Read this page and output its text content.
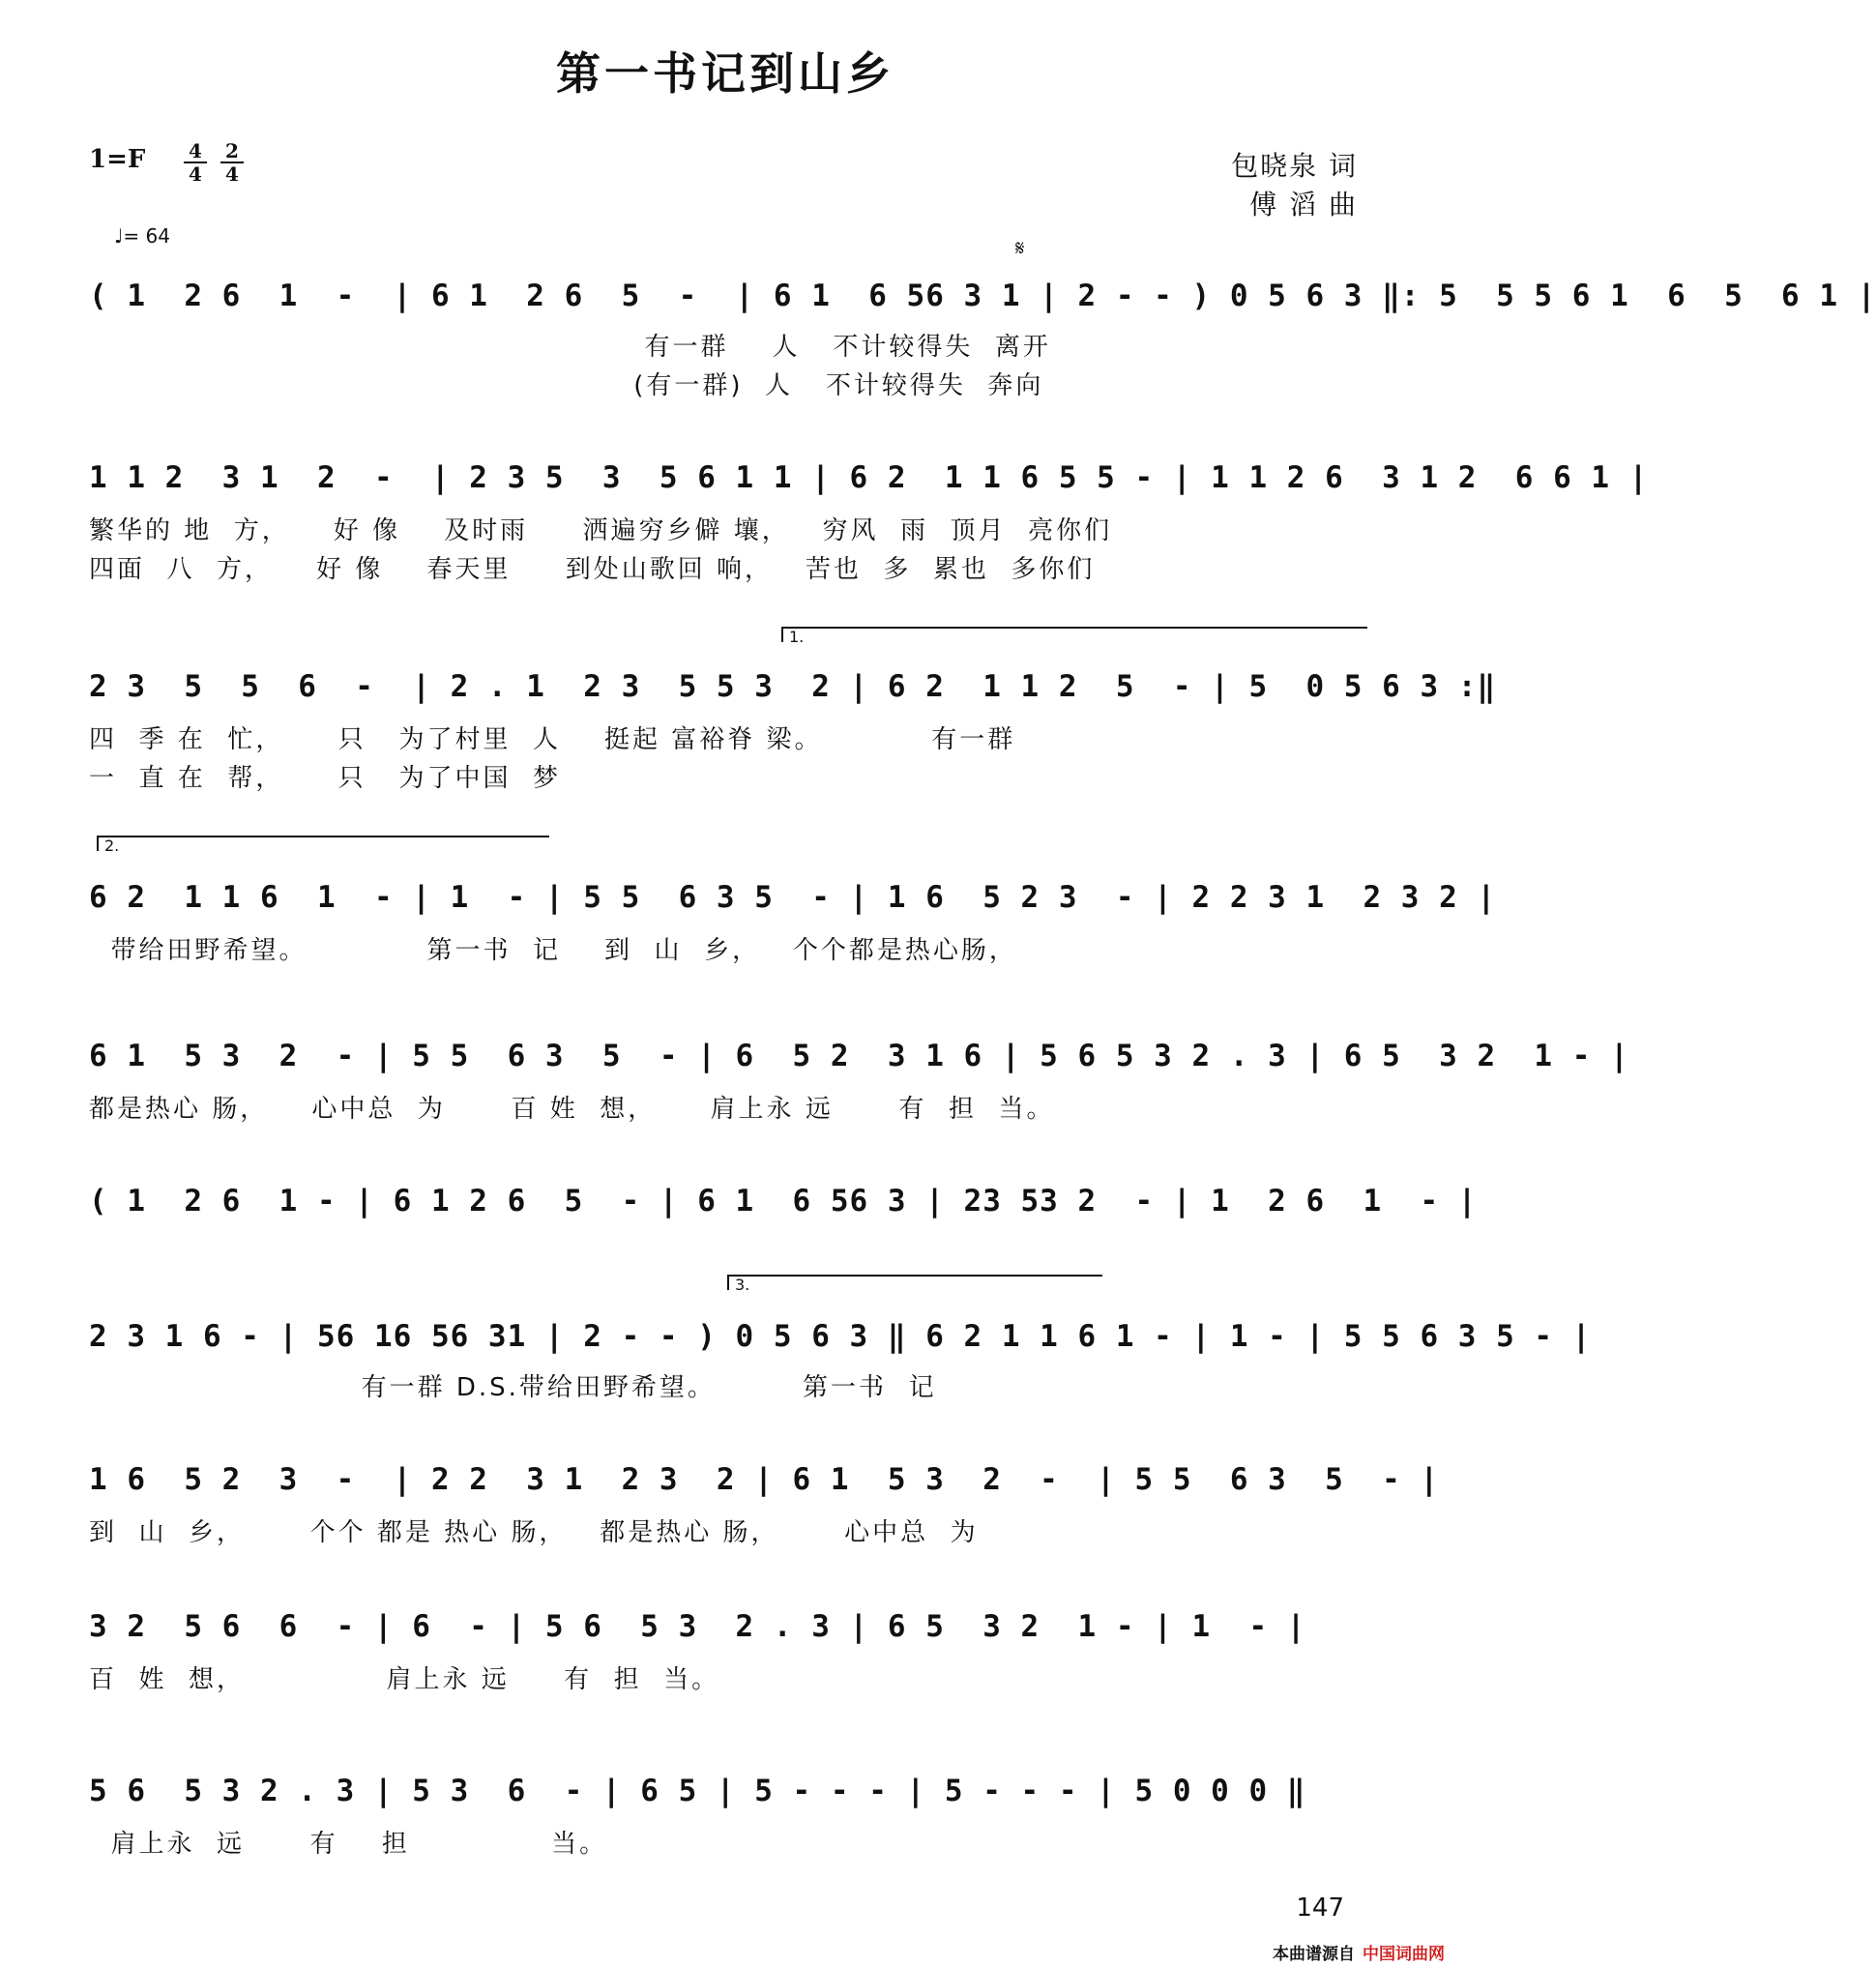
第一书记到山乡
1=F 4
4
2
4
♩= 64
包晓泉 词
傅 滔 曲
𝄋
( 1  2 6  1  -  | 6 1  2 6  5  -  | 6 1  6 56 3 1 | 2 - - ) 0 5 6 3 ‖: 5  5 5 6 1  6  5  6 1 |
有一群    人   不计较得失  离开
(有一群)  人   不计较得失  奔向
1 1 2  3 1  2  -  | 2 3 5  3  5 6 1 1 | 6 2  1 1 6 5 5 - | 1 1 2 6  3 1 2  6 6 1 |
繁华的 地  方，    好 像    及时雨     洒遍穷乡僻 壤，   穷风  雨  顶月  亮你们
四面  八  方，    好 像    春天里     到处山歌回 响，   苦也  多  累也  多你们
1.
2 3  5  5  6  -  | 2 . 1  2 3  5 5 3  2 | 6 2  1 1 2  5  - | 5  0 5 6 3 :‖
四  季 在  忙，     只   为了村里  人    挺起 富裕脊 梁。          有一群
一  直 在  帮，     只   为了中国  梦
2.
6 2  1 1 6  1  - | 1  - | 5 5  6 3 5  - | 1 6  5 2 3  - | 2 2 3 1  2 3 2 |
带给田野希望。           第一书  记    到  山  乡，   个个都是热心肠，
6 1  5 3  2  - | 5 5  6 3  5  - | 6  5 2  3 1 6 | 5 6 5 3 2 . 3 | 6 5  3 2  1 - |
都是热心 肠，    心中总  为      百 姓  想，     肩上永 远      有  担  当。
( 1  2 6  1 - | 6 1 2 6  5  - | 6 1  6 56 3 | 23 53 2  - | 1  2 6  1  - |
3.
2 3 1 6 - | 56 16 56 31 | 2 - - ) 0 5 6 3 ‖ 6 2 1 1 6 1 - | 1 - | 5 5 6 3 5 - |
有一群 D.S.带给田野希望。        第一书  记
1 6  5 2  3  -  | 2 2  3 1  2 3  2 | 6 1  5 3  2  -  | 5 5  6 3  5  - |
到  山  乡，      个个 都是 热心 肠，   都是热心 肠，      心中总  为
3 2  5 6  6  - | 6  - | 5 6  5 3  2 . 3 | 6 5  3 2  1 - | 1  - |
百  姓  想，             肩上永 远     有  担  当。
5 6  5 3 2 . 3 | 5 3  6  - | 6 5 | 5 - - - | 5 - - - | 5 0 0 0 ‖
肩上永  远      有    担             当。
147
本曲谱源自 中国词曲网
